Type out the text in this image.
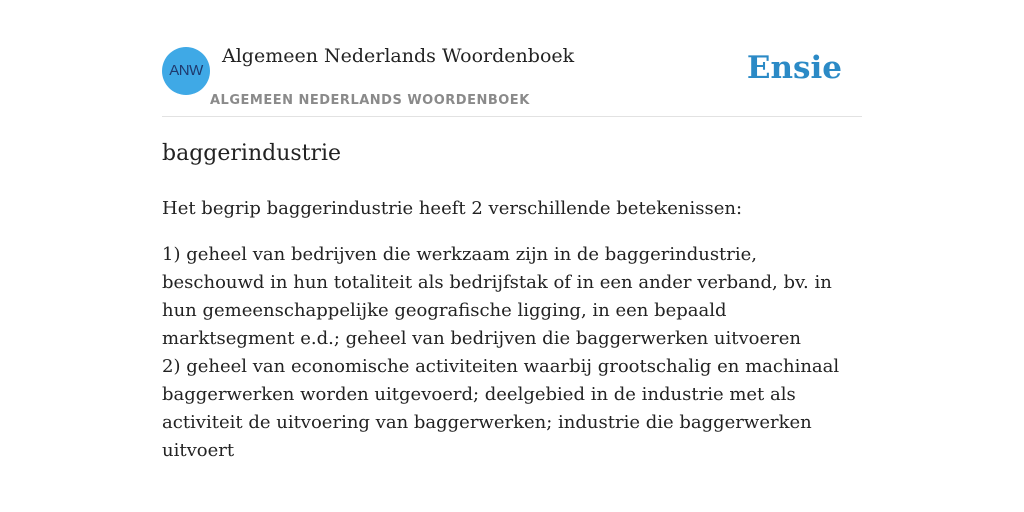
ANW
Algemeen Nederlands Woordenboek
ALGEMEEN NEDERLANDS WOORDENBOEK
Ensie
baggerindustrie

Het begrip baggerindustrie heeft 2 verschillende betekenissen:

1) geheel van bedrijven die werkzaam zijn in de baggerindustrie, beschouwd in hun totaliteit als bedrijfstak of in een ander verband, bv. in hun gemeenschappelijke geografische ligging, in een bepaald marktsegment e.d.; geheel van bedrijven die baggerwerken uitvoeren

2) geheel van economische activiteiten waarbij grootschalig en machinaal baggerwerken worden uitgevoerd; deelgebied in de industrie met als activiteit de uitvoering van baggerwerken; industrie die baggerwerken uitvoert
